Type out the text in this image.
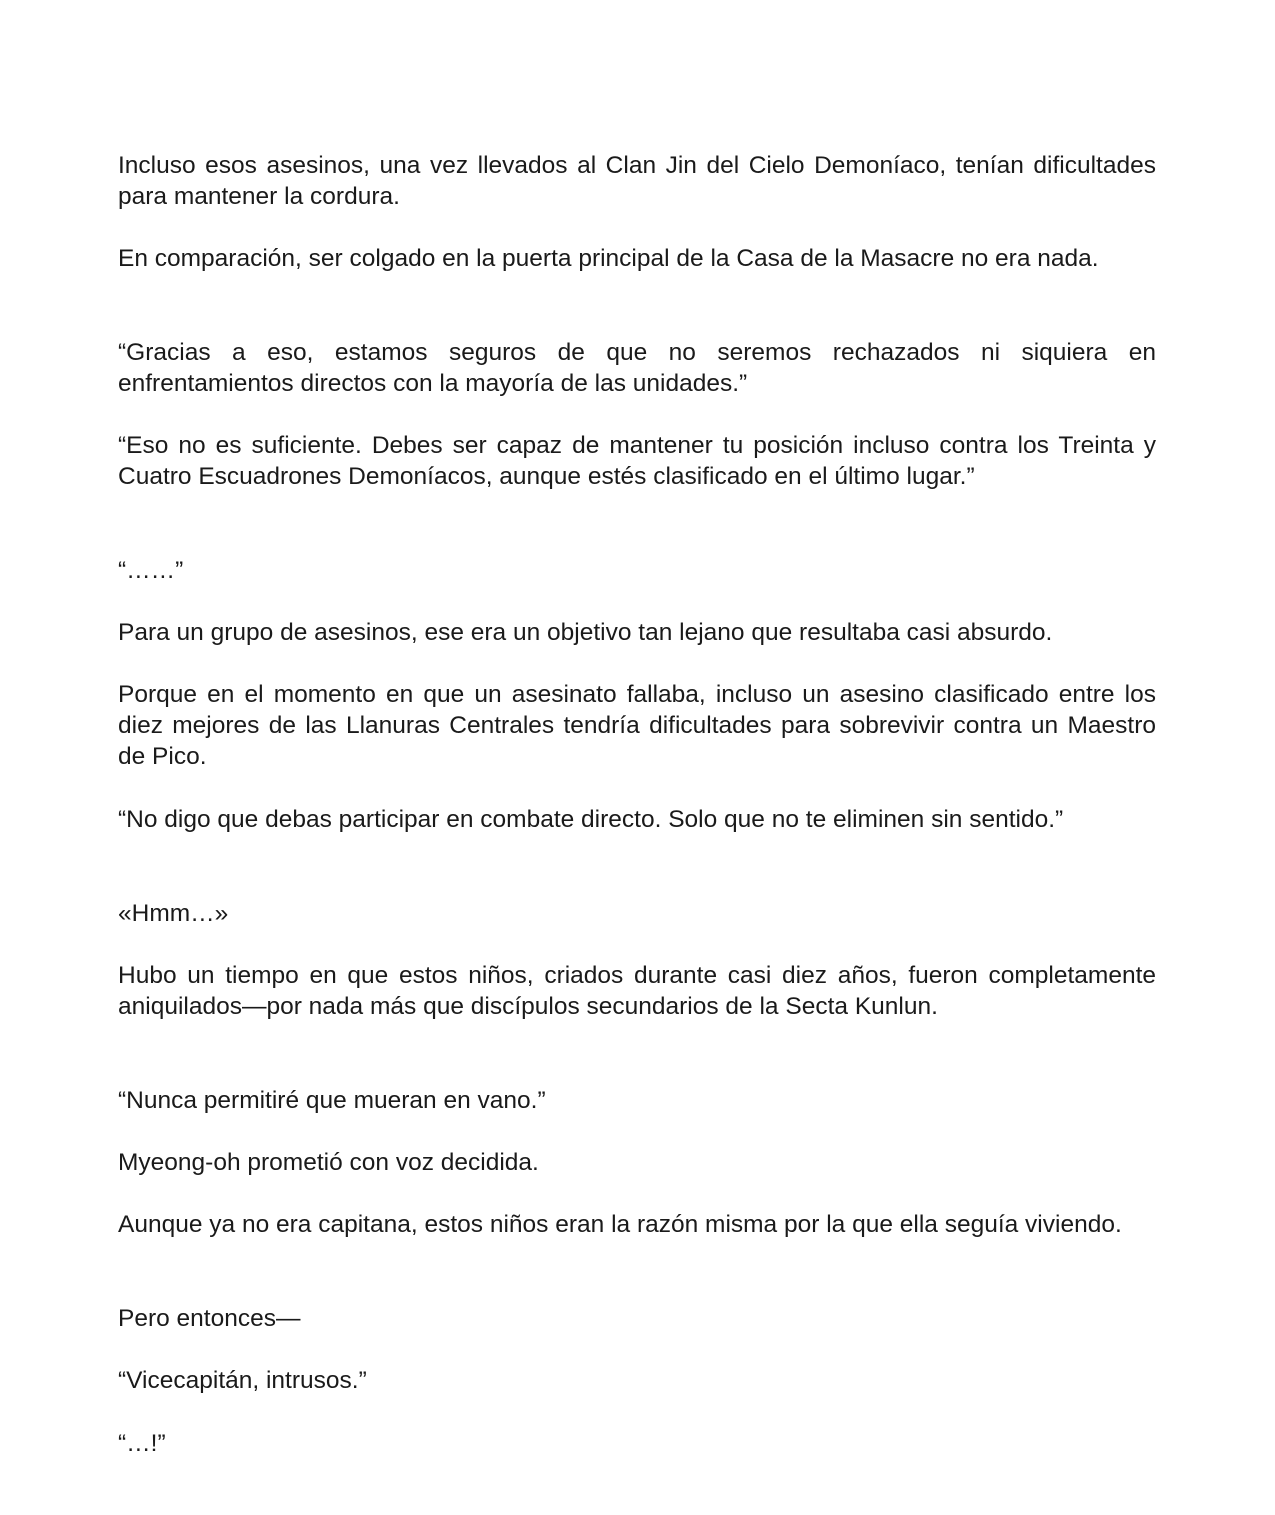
Incluso esos asesinos, una vez llevados al Clan Jin del Cielo Demoníaco, tenían dificultades para mantener la cordura.

En comparación, ser colgado en la puerta principal de la Casa de la Masacre no era nada.

“Gracias a eso, estamos seguros de que no seremos rechazados ni siquiera en enfrentamientos directos con la mayoría de las unidades.”

“Eso no es suficiente. Debes ser capaz de mantener tu posición incluso contra los Treinta y Cuatro Escuadrones Demoníacos, aunque estés clasificado en el último lugar.”

“……”

Para un grupo de asesinos, ese era un objetivo tan lejano que resultaba casi absurdo.

Porque en el momento en que un asesinato fallaba, incluso un asesino clasificado entre los diez mejores de las Llanuras Centrales tendría dificultades para sobrevivir contra un Maestro de Pico.

“No digo que debas participar en combate directo. Solo que no te eliminen sin sentido.”

«Hmm…»

Hubo un tiempo en que estos niños, criados durante casi diez años, fueron completamente aniquilados—por nada más que discípulos secundarios de la Secta Kunlun.

“Nunca permitiré que mueran en vano.”

Myeong-oh prometió con voz decidida.

Aunque ya no era capitana, estos niños eran la razón misma por la que ella seguía viviendo.

Pero entonces—

“Vicecapitán, intrusos.”

“…!”
